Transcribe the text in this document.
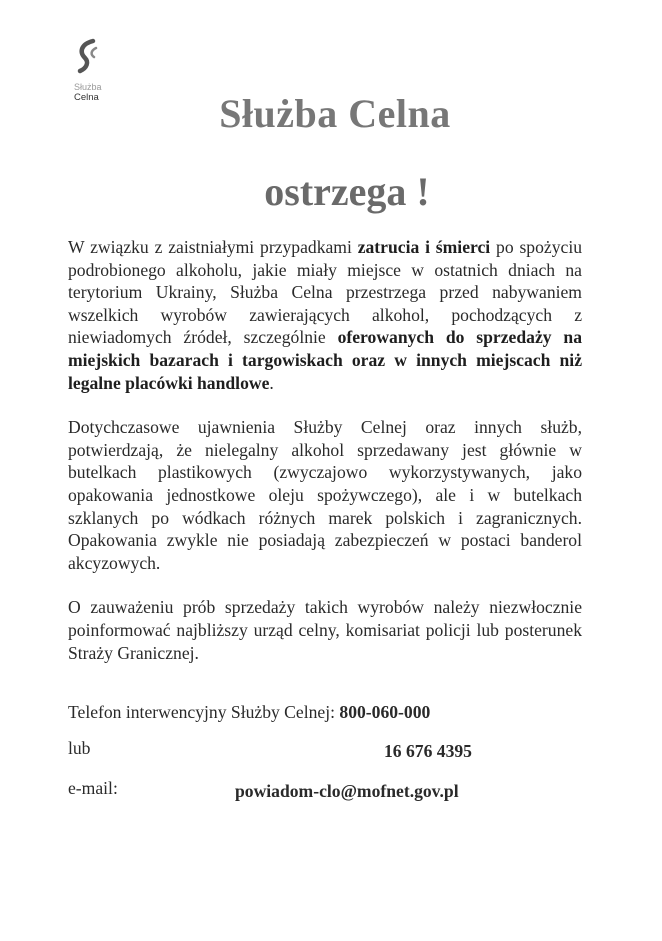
Służba
Celna	Służba Celna
ostrzega !

W związku z zaistniałymi przypadkami zatrucia i śmierci po spożyciu podrobionego alkoholu, jakie miały miejsce w ostatnich dniach na terytorium Ukrainy, Służba Celna przestrzega przed nabywaniem wszelkich wyrobów zawierających alkohol, pochodzących z niewiadomych źródeł, szczególnie oferowanych do sprzedaży na miejskich bazarach i targowiskach oraz w innych miejscach niż legalne placówki handlowe.

Dotychczasowe ujawnienia Służby Celnej oraz innych służb, potwierdzają, że nielegalny alkohol sprzedawany jest głównie w butelkach plastikowych (zwyczajowo wykorzystywanych, jako opakowania jednostkowe oleju spożywczego), ale i w butelkach szklanych po wódkach różnych marek polskich i zagranicznych. Opakowania zwykle nie posiadają zabezpieczeń w postaci banderol akcyzowych.

O zauważeniu prób sprzedaży takich wyrobów należy niezwłocznie poinformować najbliższy urząd celny, komisariat policji lub posterunek Straży Granicznej.

Telefon interwencyjny Służby Celnej: 800-060-000
lub	16 676 4395
e-mail:	powiadom-clo@mofnet.gov.pl
